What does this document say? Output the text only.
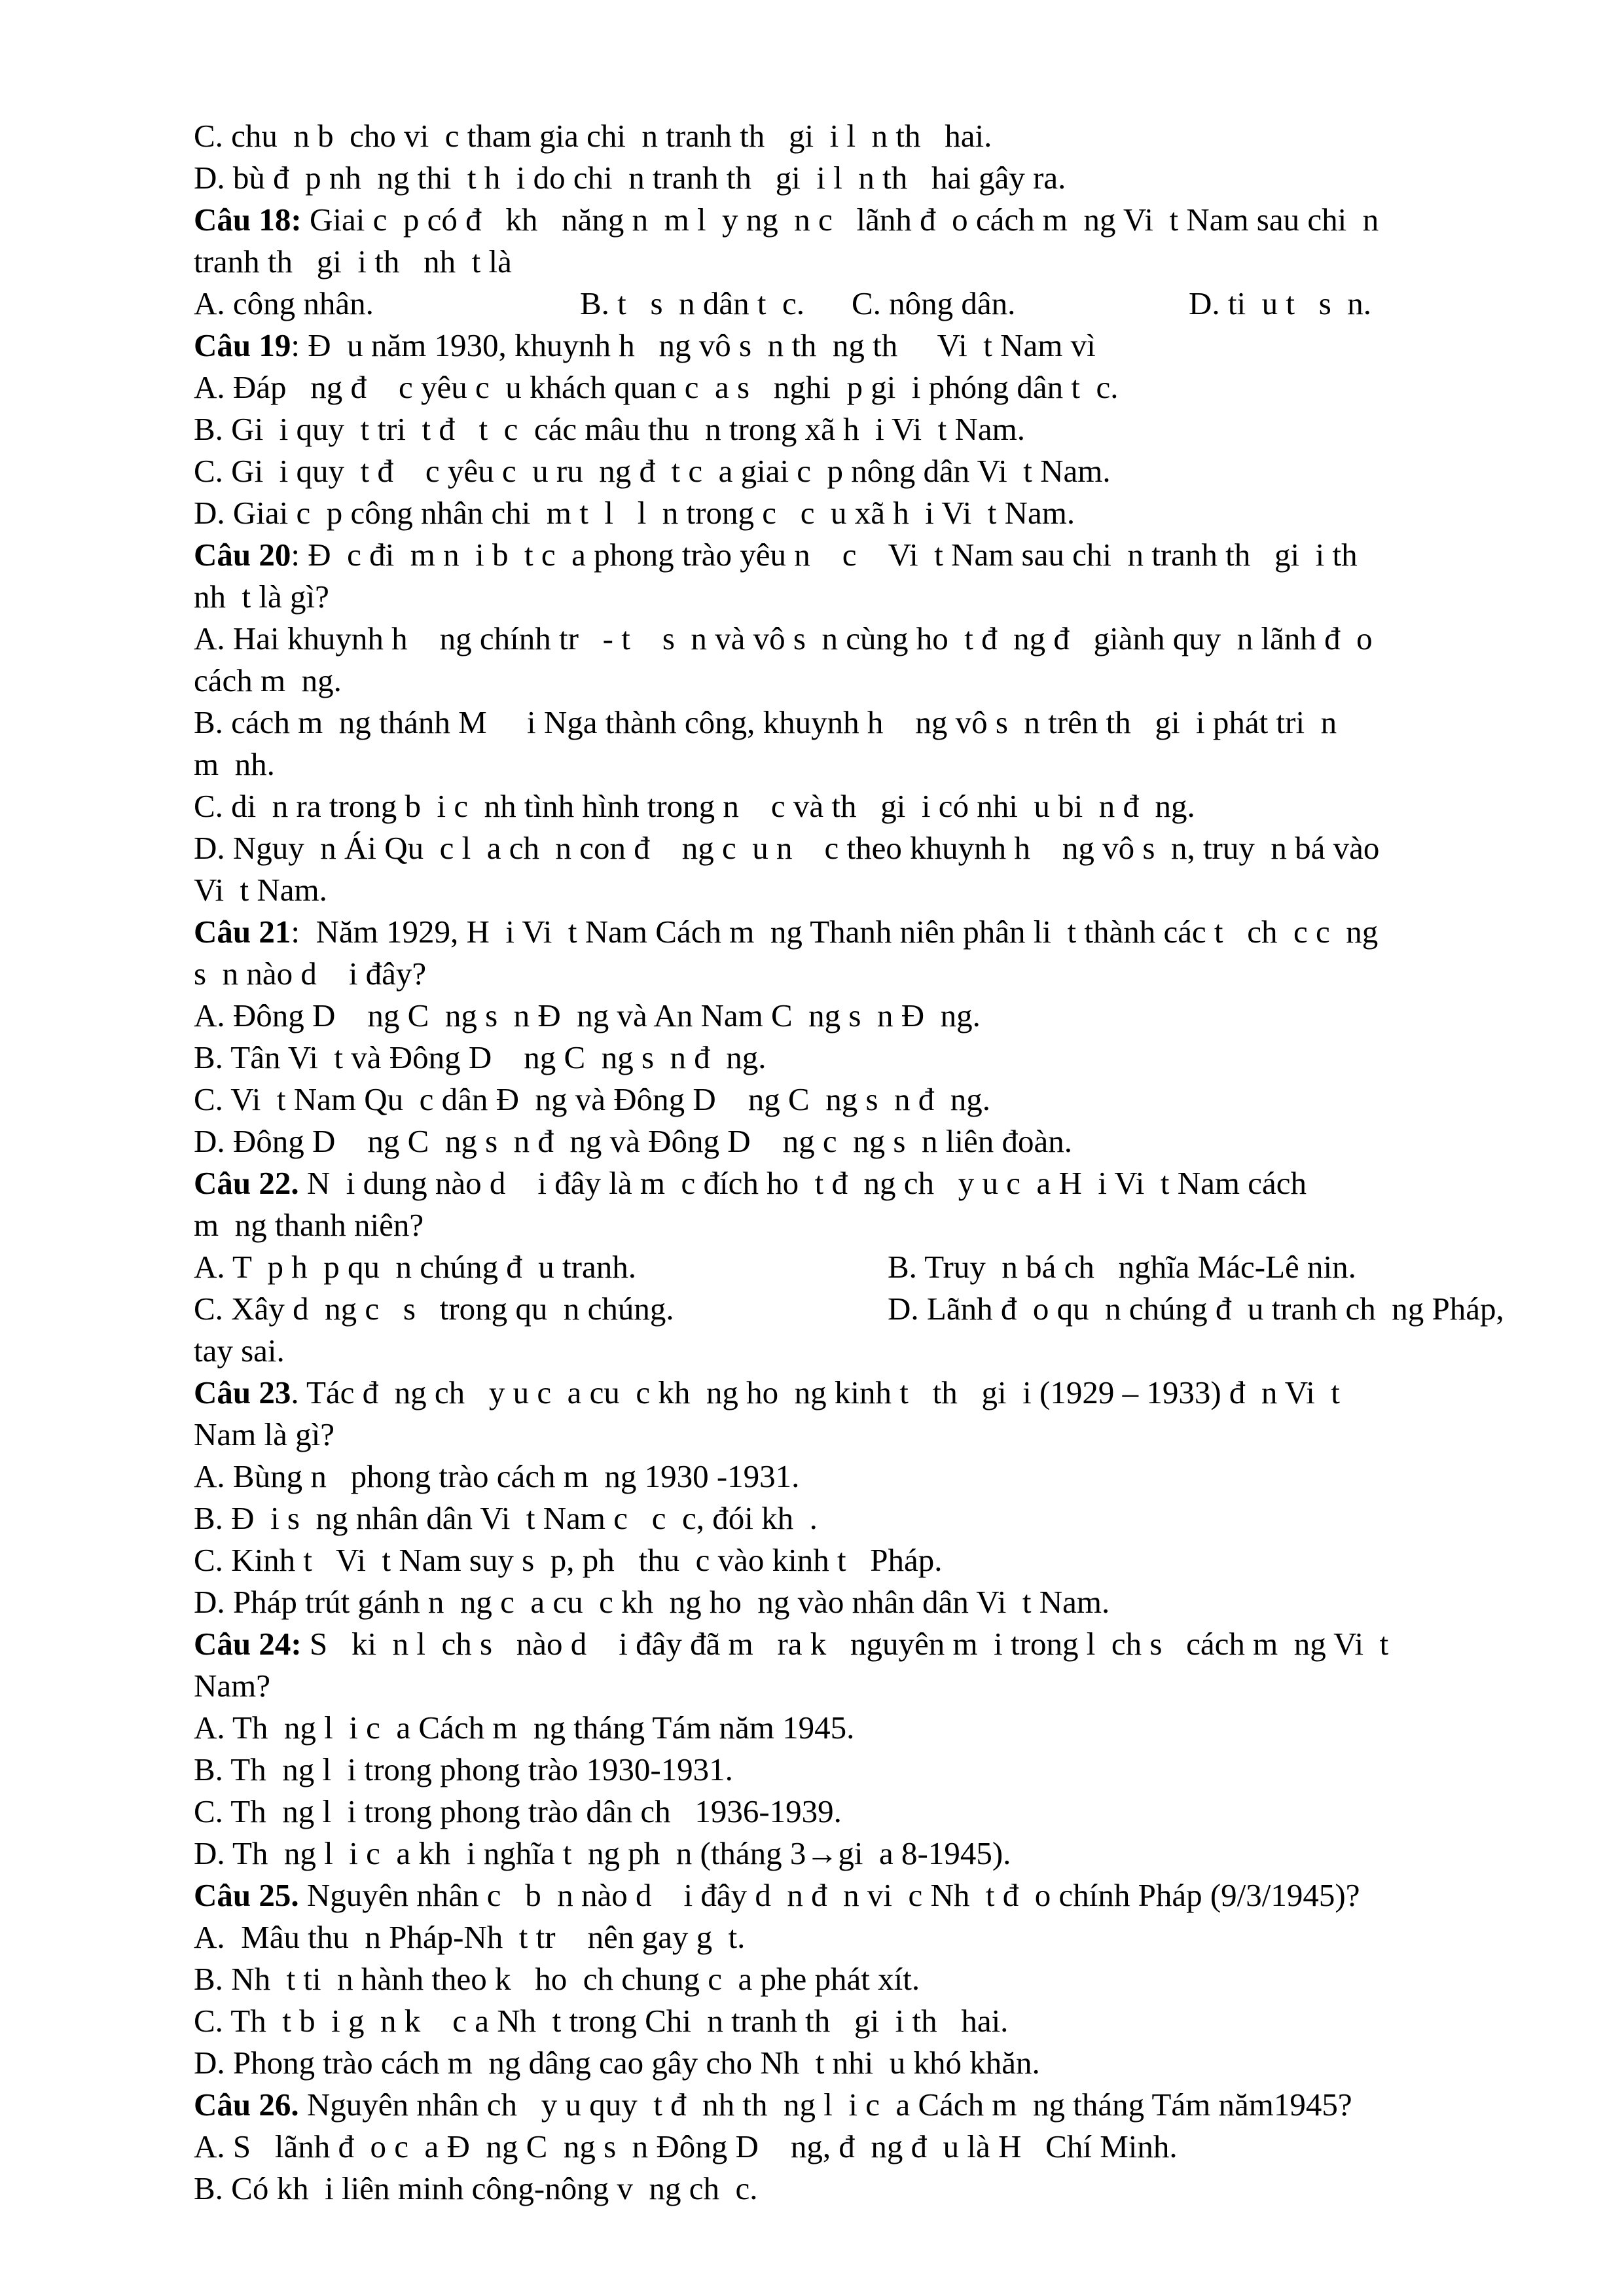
C. chu  n b  cho vi  c tham gia chi  n tranh th   gi  i l  n th   hai.
D. bù đ  p nh  ng thi  t h  i do chi  n tranh th   gi  i l  n th   hai gây ra.
Câu 18: Giai c  p có đ   kh   năng n  m l  y ng  n c   lãnh đ  o cách m  ng Vi  t Nam sau chi  n
tranh th   gi  i th   nh  t là
A. công nhân.	B. t   s  n dân t  c. C. nông dân.	D. ti  u t   s  n.
Câu 19: Đ  u năm 1930, khuynh h   ng vô s  n th  ng th     Vi  t Nam vì
A. Đáp   ng đ    c yêu c  u khách quan c  a s   nghi  p gi  i phóng dân t  c.
B. Gi  i quy  t tri  t đ   t  c  các mâu thu  n trong xã h  i Vi  t Nam.
C. Gi  i quy  t đ    c yêu c  u ru  ng đ  t c  a giai c  p nông dân Vi  t Nam.
D. Giai c  p công nhân chi  m t  l   l  n trong c   c  u xã h  i Vi  t Nam.
Câu 20: Đ  c đi  m n  i b  t c  a phong trào yêu n    c    Vi  t Nam sau chi  n tranh th   gi  i th
nh  t là gì?
A. Hai khuynh h    ng chính tr   - t    s  n và vô s  n cùng ho  t đ  ng đ   giành quy  n lãnh đ  o
cách m  ng.
B. cách m  ng thánh M     i Nga thành công, khuynh h    ng vô s  n trên th   gi  i phát tri  n
m  nh.
C. di  n ra trong b  i c  nh tình hình trong n    c và th   gi  i có nhi  u bi  n đ  ng.
D. Nguy  n Ái Qu  c l  a ch  n con đ    ng c  u n    c theo khuynh h    ng vô s  n, truy  n bá vào
Vi  t Nam.
Câu 21:  Năm 1929, H  i Vi  t Nam Cách m  ng Thanh niên phân li  t thành các t   ch  c c  ng
s  n nào d    i đây?
A. Đông D    ng C  ng s  n Đ  ng và An Nam C  ng s  n Đ  ng.
B. Tân Vi  t và Đông D    ng C  ng s  n đ  ng.
C. Vi  t Nam Qu  c dân Đ  ng và Đông D    ng C  ng s  n đ  ng.
D. Đông D    ng C  ng s  n đ  ng và Đông D    ng c  ng s  n liên đoàn.
Câu 22. N  i dung nào d    i đây là m  c đích ho  t đ  ng ch   y u c  a H  i Vi  t Nam cách
m  ng thanh niên?
A. T  p h  p qu  n chúng đ  u tranh.	B. Truy  n bá ch   nghĩa Mác-Lê nin.
C. Xây d  ng c   s   trong qu  n chúng.	D. Lãnh đ  o qu  n chúng đ  u tranh ch  ng Pháp,
tay sai.
Câu 23. Tác đ  ng ch   y u c  a cu  c kh  ng ho  ng kinh t   th   gi  i (1929 – 1933) đ  n Vi  t
Nam là gì?
A. Bùng n   phong trào cách m  ng 1930 -1931.
B. Đ  i s  ng nhân dân Vi  t Nam c   c  c, đói kh  .
C. Kinh t   Vi  t Nam suy s  p, ph   thu  c vào kinh t   Pháp.
D. Pháp trút gánh n  ng c  a cu  c kh  ng ho  ng vào nhân dân Vi  t Nam.
Câu 24: S   ki  n l  ch s   nào d    i đây đã m   ra k   nguyên m  i trong l  ch s   cách m  ng Vi  t
Nam?
A. Th  ng l  i c  a Cách m  ng tháng Tám năm 1945.
B. Th  ng l  i trong phong trào 1930-1931.
C. Th  ng l  i trong phong trào dân ch   1936-1939.
D. Th  ng l  i c  a kh  i nghĩa t  ng ph  n (tháng 3→gi  a 8-1945).
Câu 25. Nguyên nhân c   b  n nào d    i đây d  n đ  n vi  c Nh  t đ  o chính Pháp (9/3/1945)?
A.  Mâu thu  n Pháp-Nh  t tr    nên gay g  t.
B. Nh  t ti  n hành theo k   ho  ch chung c  a phe phát xít.
C. Th  t b  i g  n k    c a Nh  t trong Chi  n tranh th   gi  i th   hai.
D. Phong trào cách m  ng dâng cao gây cho Nh  t nhi  u khó khăn.
Câu 26. Nguyên nhân ch   y u quy  t đ  nh th  ng l  i c  a Cách m  ng tháng Tám năm1945?
A. S   lãnh đ  o c  a Đ  ng C  ng s  n Đông D    ng, đ  ng đ  u là H   Chí Minh.
B. Có kh  i liên minh công-nông v  ng ch  c.
